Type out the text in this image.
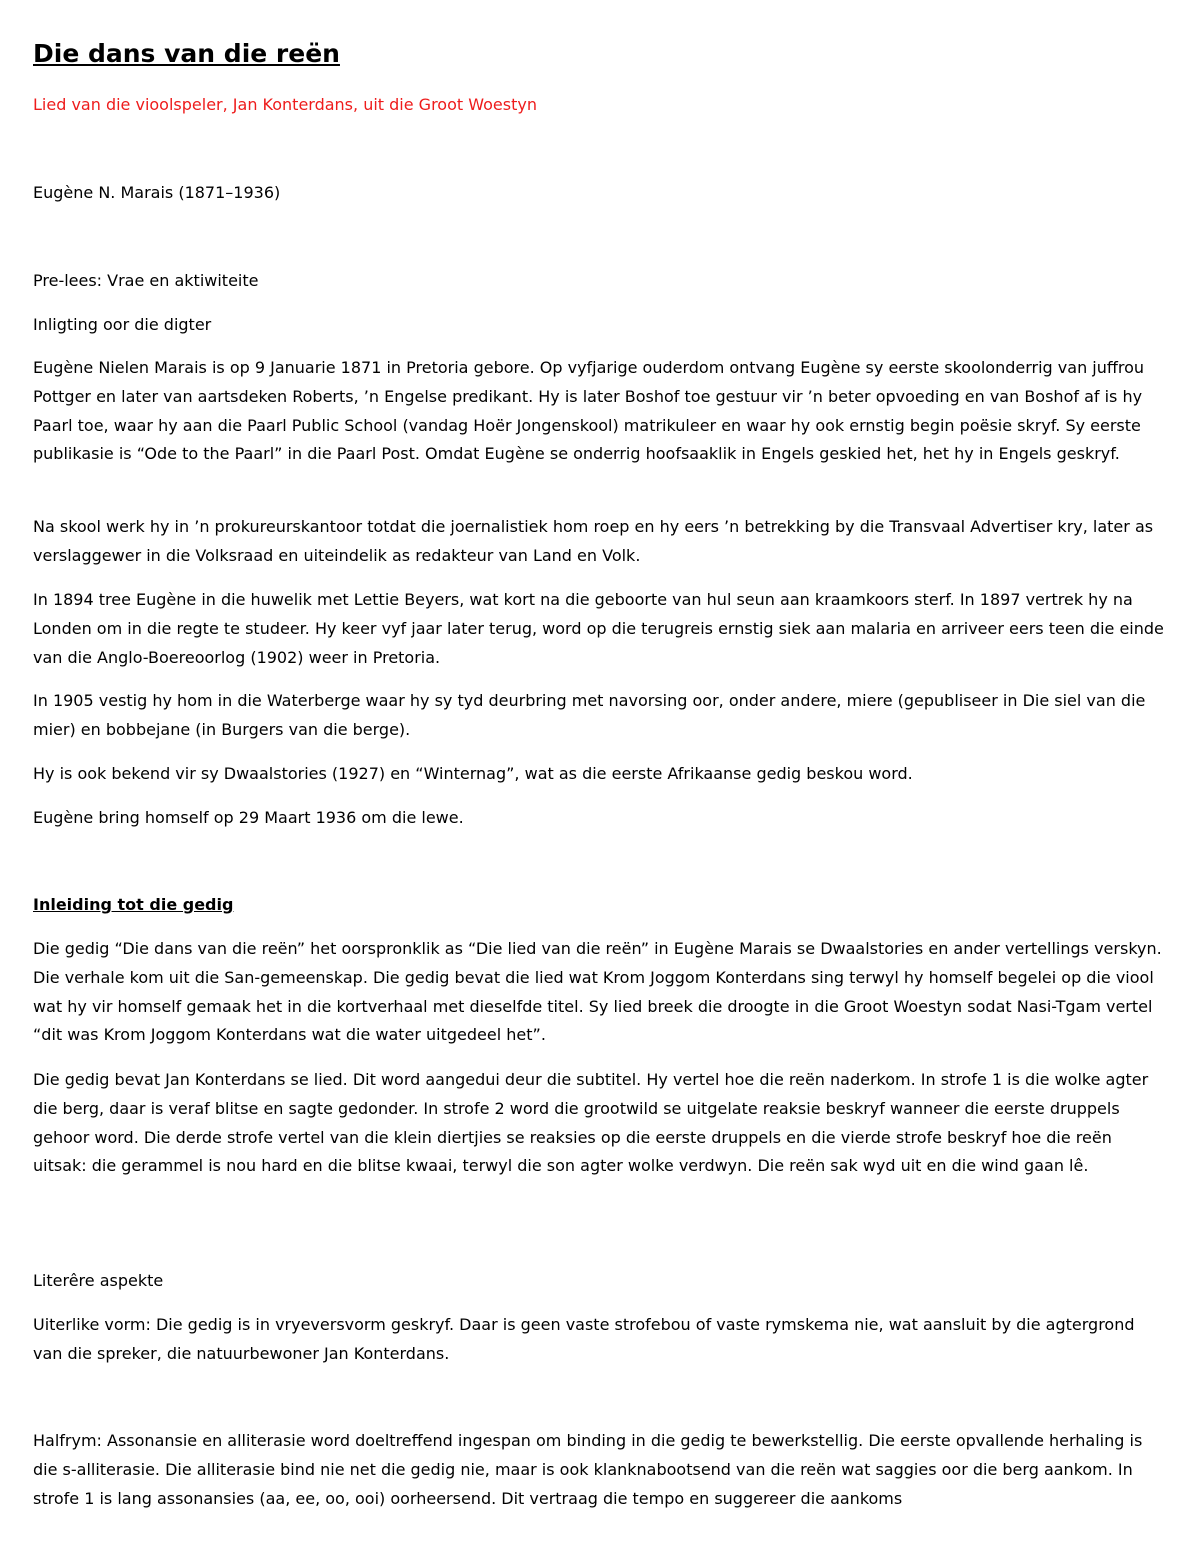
Die dans van die reën

Lied van die vioolspeler, Jan Konterdans, uit die Groot Woestyn

Eugène N. Marais (1871–1936)

Pre-lees: Vrae en aktiwiteite

Inligting oor die digter

Eugène Nielen Marais is op 9 Januarie 1871 in Pretoria gebore. Op vyfjarige ouderdom ontvang Eugène sy eerste skoolonderrig van juffrou Pottger en later van aartsdeken Roberts, ’n Engelse predikant. Hy is later Boshof toe gestuur vir ’n beter opvoeding en van Boshof af is hy Paarl toe, waar hy aan die Paarl Public School (vandag Hoër Jongenskool) matrikuleer en waar hy ook ernstig begin poësie skryf. Sy eerste publikasie is “Ode to the Paarl” in die Paarl Post. Omdat Eugène se onderrig hoofsaaklik in Engels geskied het, het hy in Engels geskryf.

Na skool werk hy in ’n prokureurskantoor totdat die joernalistiek hom roep en hy eers ’n betrekking by die Transvaal Advertiser kry, later as verslaggewer in die Volksraad en uiteindelik as redakteur van Land en Volk.

In 1894 tree Eugène in die huwelik met Lettie Beyers, wat kort na die geboorte van hul seun aan kraamkoors sterf. In 1897 vertrek hy na Londen om in die regte te studeer. Hy keer vyf jaar later terug, word op die terugreis ernstig siek aan malaria en arriveer eers teen die einde van die Anglo-Boereoorlog (1902) weer in Pretoria.

In 1905 vestig hy hom in die Waterberge waar hy sy tyd deurbring met navorsing oor, onder andere, miere (gepubliseer in Die siel van die mier) en bobbejane (in Burgers van die berge).

Hy is ook bekend vir sy Dwaalstories (1927) en “Winternag”, wat as die eerste Afrikaanse gedig beskou word.

Eugène bring homself op 29 Maart 1936 om die lewe.

Inleiding tot die gedig

Die gedig “Die dans van die reën” het oorspronklik as “Die lied van die reën” in Eugène Marais se Dwaalstories en ander vertellings verskyn. Die verhale kom uit die San-gemeenskap. Die gedig bevat die lied wat Krom Joggom Konterdans sing terwyl hy homself begelei op die viool wat hy vir homself gemaak het in die kortverhaal met dieselfde titel. Sy lied breek die droogte in die Groot Woestyn sodat Nasi-Tgam vertel “dit was Krom Joggom Konterdans wat die water uitgedeel het”.

Die gedig bevat Jan Konterdans se lied. Dit word aangedui deur die subtitel. Hy vertel hoe die reën naderkom. In strofe 1 is die wolke agter die berg, daar is veraf blitse en sagte gedonder. In strofe 2 word die grootwild se uitgelate reaksie beskryf wanneer die eerste druppels gehoor word. Die derde strofe vertel van die klein diertjies se reaksies op die eerste druppels en die vierde strofe beskryf hoe die reën uitsak: die gerammel is nou hard en die blitse kwaai, terwyl die son agter wolke verdwyn. Die reën sak wyd uit en die wind gaan lê.

Literêre aspekte

Uiterlike vorm: Die gedig is in vryeversvorm geskryf. Daar is geen vaste strofebou of vaste rymskema nie, wat aansluit by die agtergrond van die spreker, die natuurbewoner Jan Konterdans.

Halfrym: Assonansie en alliterasie word doeltreffend ingespan om binding in die gedig te bewerkstellig. Die eerste opvallende herhaling is die s-alliterasie. Die alliterasie bind nie net die gedig nie, maar is ook klanknabootsend van die reën wat saggies oor die berg aankom. In strofe 1 is lang assonansies (aa, ee, oo, ooi) oorheersend. Dit vertraag die tempo en suggereer die aankoms
